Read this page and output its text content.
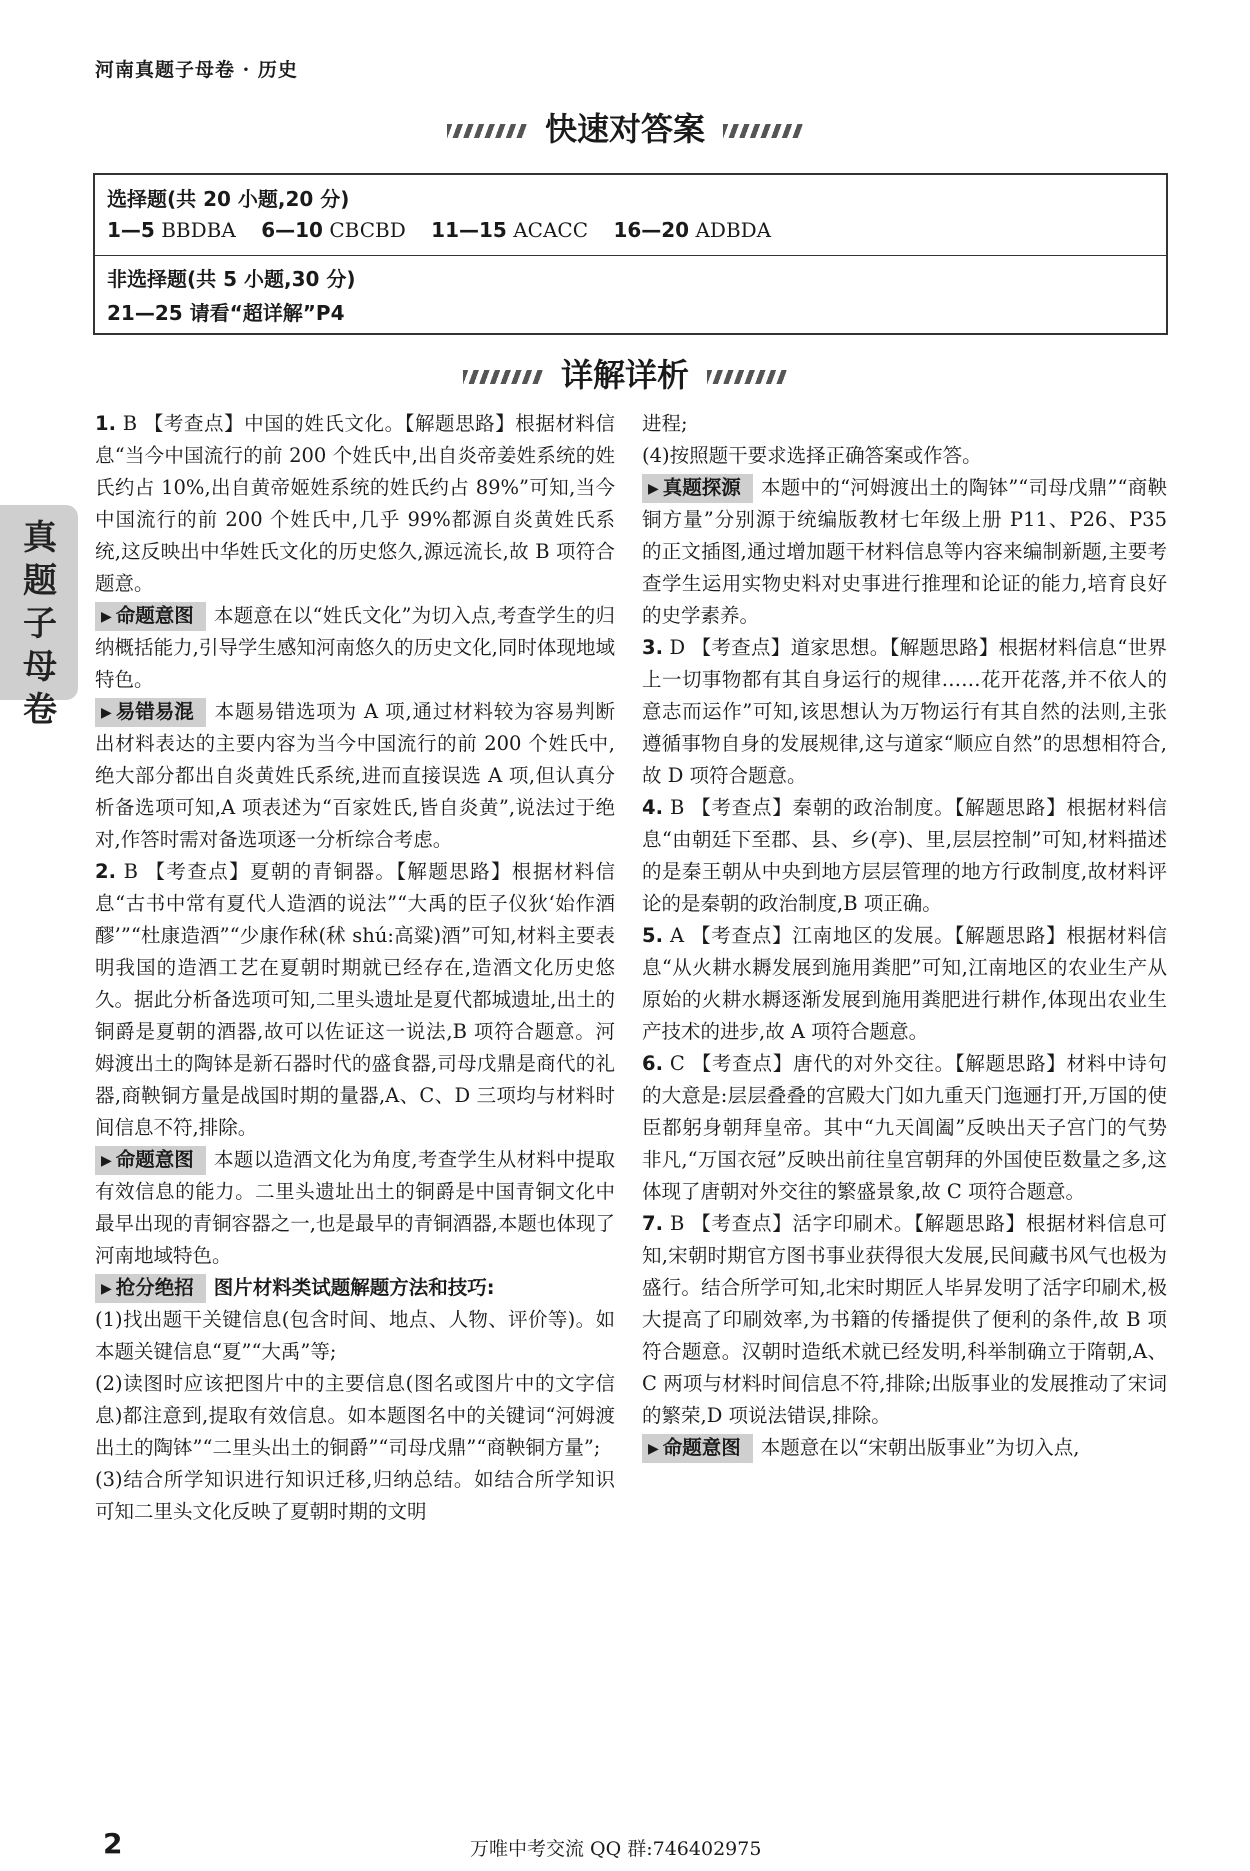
河南真题子母卷 · 历史
快速对答案
选择题(共 20 小题,20 分)
1—5 BBDBA 6—10 CBCBD 11—15 ACACC 16—20 ADBDA
非选择题(共 5 小题,30 分)
21—25 请看“超详解”P4
详解详析
真题子母卷

1. B 【考查点】中国的姓氏文化。【解题思路】根据材料信息“当今中国流行的前 200 个姓氏中,出自炎帝姜姓系统的姓氏约占 10%,出自黄帝姬姓系统的姓氏约占 89%”可知,当今中国流行的前 200 个姓氏中,几乎 99%都源自炎黄姓氏系统,这反映出中华姓氏文化的历史悠久,源远流长,故 B 项符合题意。

▶ 命题意图 本题意在以“姓氏文化”为切入点,考查学生的归纳概括能力,引导学生感知河南悠久的历史文化,同时体现地域特色。

▶ 易错易混 本题易错选项为 A 项,通过材料较为容易判断出材料表达的主要内容为当今中国流行的前 200 个姓氏中,绝大部分都出自炎黄姓氏系统,进而直接误选 A 项,但认真分析备选项可知,A 项表述为“百家姓氏,皆自炎黄”,说法过于绝对,作答时需对备选项逐一分析综合考虑。

2. B 【考查点】夏朝的青铜器。【解题思路】根据材料信息“古书中常有夏代人造酒的说法”“大禹的臣子仪狄‘始作酒醪’”“杜康造酒”“少康作秫(秫 shú:高粱)酒”可知,材料主要表明我国的造酒工艺在夏朝时期就已经存在,造酒文化历史悠久。据此分析备选项可知,二里头遗址是夏代都城遗址,出土的铜爵是夏朝的酒器,故可以佐证这一说法,B 项符合题意。河姆渡出土的陶钵是新石器时代的盛食器,司母戊鼎是商代的礼器,商鞅铜方量是战国时期的量器,A、C、D 三项均与材料时间信息不符,排除。

▶ 命题意图 本题以造酒文化为角度,考查学生从材料中提取有效信息的能力。二里头遗址出土的铜爵是中国青铜文化中最早出现的青铜容器之一,也是最早的青铜酒器,本题也体现了河南地域特色。

▶ 抢分绝招 图片材料类试题解题方法和技巧:

(1)找出题干关键信息(包含时间、地点、人物、评价等)。如本题关键信息“夏”“大禹”等;

(2)读图时应该把图片中的主要信息(图名或图片中的文字信息)都注意到,提取有效信息。如本题图名中的关键词“河姆渡出土的陶钵”“二里头出土的铜爵”“司母戊鼎”“商鞅铜方量”;

(3)结合所学知识进行知识迁移,归纳总结。如结合所学知识可知二里头文化反映了夏朝时期的文明

进程;

(4)按照题干要求选择正确答案或作答。

▶ 真题探源 本题中的“河姆渡出土的陶钵”“司母戊鼎”“商鞅铜方量”分别源于统编版教材七年级上册 P11、P26、P35 的正文插图,通过增加题干材料信息等内容来编制新题,主要考查学生运用实物史料对史事进行推理和论证的能力,培育良好的史学素养。

3. D 【考查点】道家思想。【解题思路】根据材料信息“世界上一切事物都有其自身运行的规律……花开花落,并不依人的意志而运作”可知,该思想认为万物运行有其自然的法则,主张遵循事物自身的发展规律,这与道家“顺应自然”的思想相符合,故 D 项符合题意。

4. B 【考查点】秦朝的政治制度。【解题思路】根据材料信息“由朝廷下至郡、县、乡(亭)、里,层层控制”可知,材料描述的是秦王朝从中央到地方层层管理的地方行政制度,故材料评论的是秦朝的政治制度,B 项正确。

5. A 【考查点】江南地区的发展。【解题思路】根据材料信息“从火耕水耨发展到施用粪肥”可知,江南地区的农业生产从原始的火耕水耨逐渐发展到施用粪肥进行耕作,体现出农业生产技术的进步,故 A 项符合题意。

6. C 【考查点】唐代的对外交往。【解题思路】材料中诗句的大意是:层层叠叠的宫殿大门如九重天门迤逦打开,万国的使臣都躬身朝拜皇帝。其中“九天阊阖”反映出天子宫门的气势非凡,“万国衣冠”反映出前往皇宫朝拜的外国使臣数量之多,这体现了唐朝对外交往的繁盛景象,故 C 项符合题意。

7. B 【考查点】活字印刷术。【解题思路】根据材料信息可知,宋朝时期官方图书事业获得很大发展,民间藏书风气也极为盛行。结合所学可知,北宋时期匠人毕昇发明了活字印刷术,极大提高了印刷效率,为书籍的传播提供了便利的条件,故 B 项符合题意。汉朝时造纸术就已经发明,科举制确立于隋朝,A、C 两项与材料时间信息不符,排除;出版事业的发展推动了宋词的繁荣,D 项说法错误,排除。

▶ 命题意图 本题意在以“宋朝出版事业”为切入点,

2	万唯中考交流 QQ 群:746402975
